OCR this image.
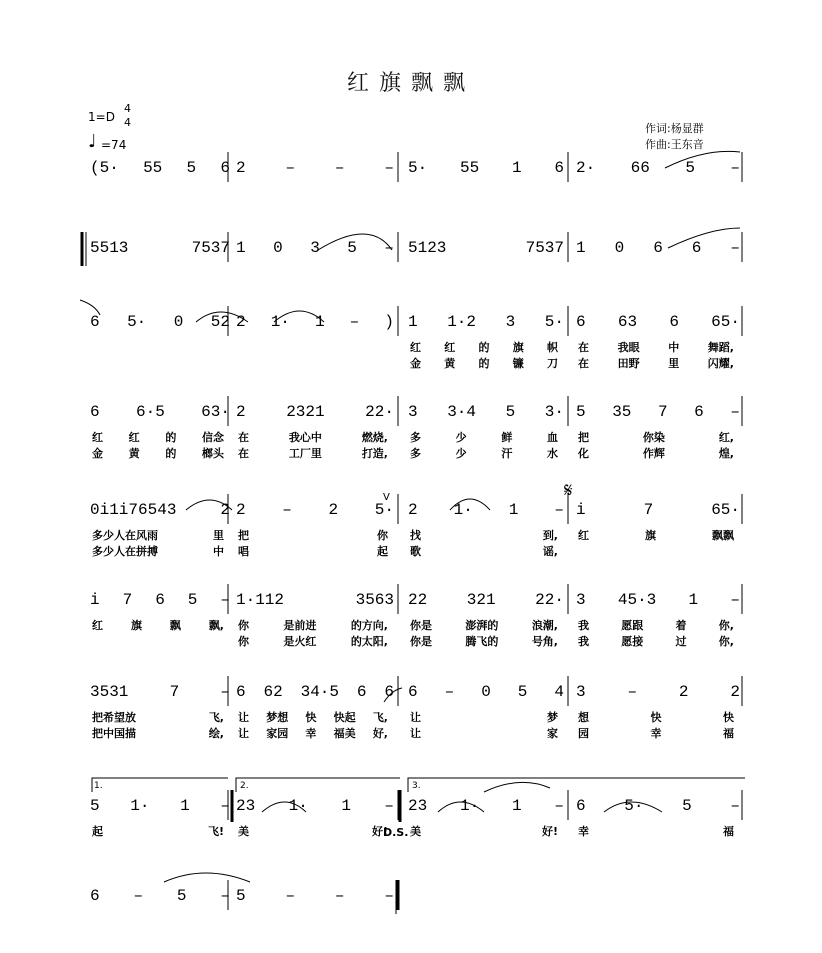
红旗飘飘
1=D
4
4
♩ =74
作词:杨显群
作曲:王东音
𝄋
V
D.S.
(5· 55 5 6 2 – – – 5· 55 1 6 2· 66 5 –
5513	7537 1 0 3 5 – 5123	7537 1 0 6 6 –
6 5· 0 52 2 1· 1 – ) 1 1·2 3 5·
红 红 的 旗 帜
金 黄 的 镰 刀
6 63 6 65·
在	我眼	中	舞蹈,
在	田野	里	闪耀,
6 6·5 63·
红 红 的 信念
金 黄 的 榔头
2	2321	22·
在	我心中	燃烧,
在	工厂里	打造,
3 3·4 5 3·
多	少	鲜	血
多	少	汗	水
5 35 7 6 –
把	你染	红,
化	作辉	煌,
0i1i76543	2
多少人在风雨	里
多少人在拼搏	中
2 – 2 5·
把	你
唱	起
2 1· 1 –
找	到,
歌	谣,
i	7	65·
红	旗	飘飘
i 7 6 5 –
红	旗	飘	飘,
1·112	3563
你	是前进	的方向,
你	是火红	的太阳,
22 321 22·
你是	澎湃的	浪潮,
你是	腾飞的	号角,
3 45·3 1 –
我	愿跟	着	你,
我	愿接	过	你,
3531	7	–
把希望放	飞,
把中国描	绘,
6 62 34·5 6 6
让 梦想 快 快起 飞,
让 家园 幸 福美 好,
6 – 0 5 4
让	梦
让	家
3	–	2	2
想	快	快
园	幸	福
5 1· 1 –
起	飞!
23 1· 1 –
美	好!
23 1· 1 –
美	好!
6 5· 5 –
幸	福
6 – 5 – 5 – – –
1.	2.	3.
